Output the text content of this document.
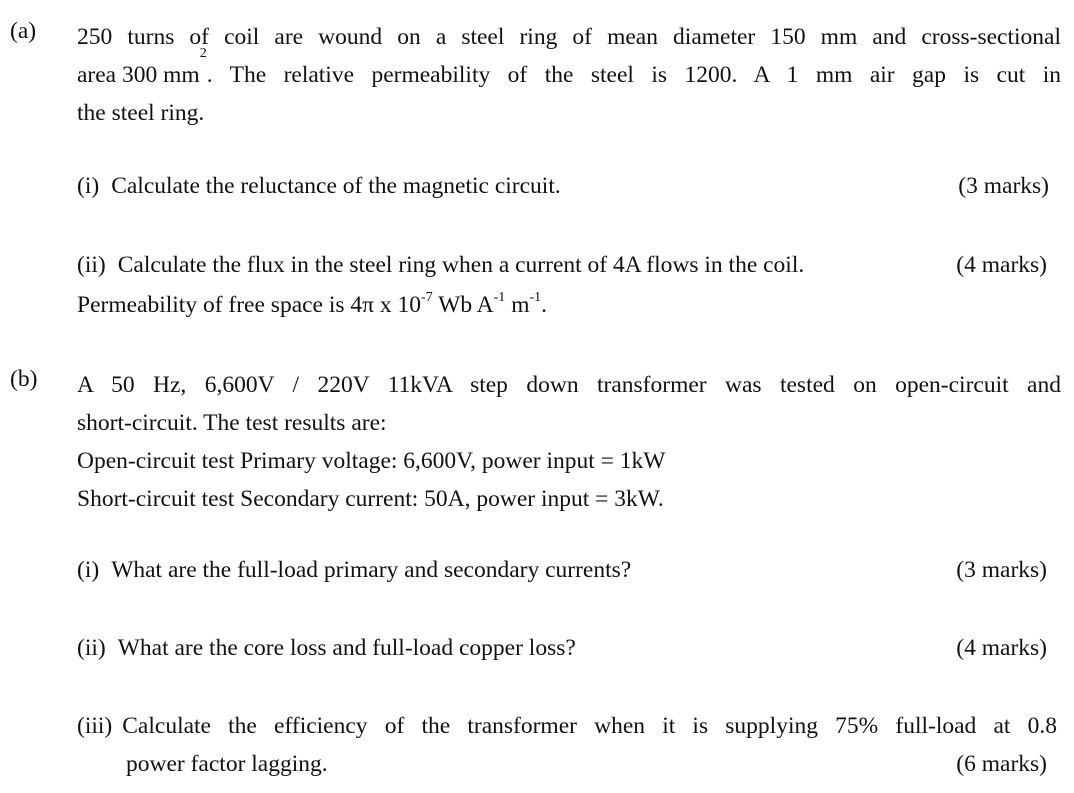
(a) 250 turns of coil are wound on a steel ring of mean diameter 150 mm and cross-sectional
area 300 mm
$^2$
. The relative permeability of the steel is 1200. A 1 mm air gap is cut in
the steel ring.
(i) Calculate the reluctance of the magnetic circuit.	(3 marks)
(ii) Calculate the flux in the steel ring when a current of 4A flows in the coil.	(4 marks)
Permeability of free space is 4π x $10^{-7}$ Wb $A^{-1}$ $m^{-1}$.
(b) A 50 Hz, 6,600V / 220V 11kVA step down transformer was tested on open-circuit and
short-circuit. The test results are:
Open-circuit test Primary voltage: 6,600V, power input = 1kW
Short-circuit test Secondary current: 50A, power input = 3kW.
(i) What are the full-load primary and secondary currents?	(3 marks)
(ii) What are the core loss and full-load copper loss?	(4 marks)
(iii) Calculate the efficiency of the transformer when it is supplying 75% full-load at 0.8
power factor lagging.	(6 marks)
